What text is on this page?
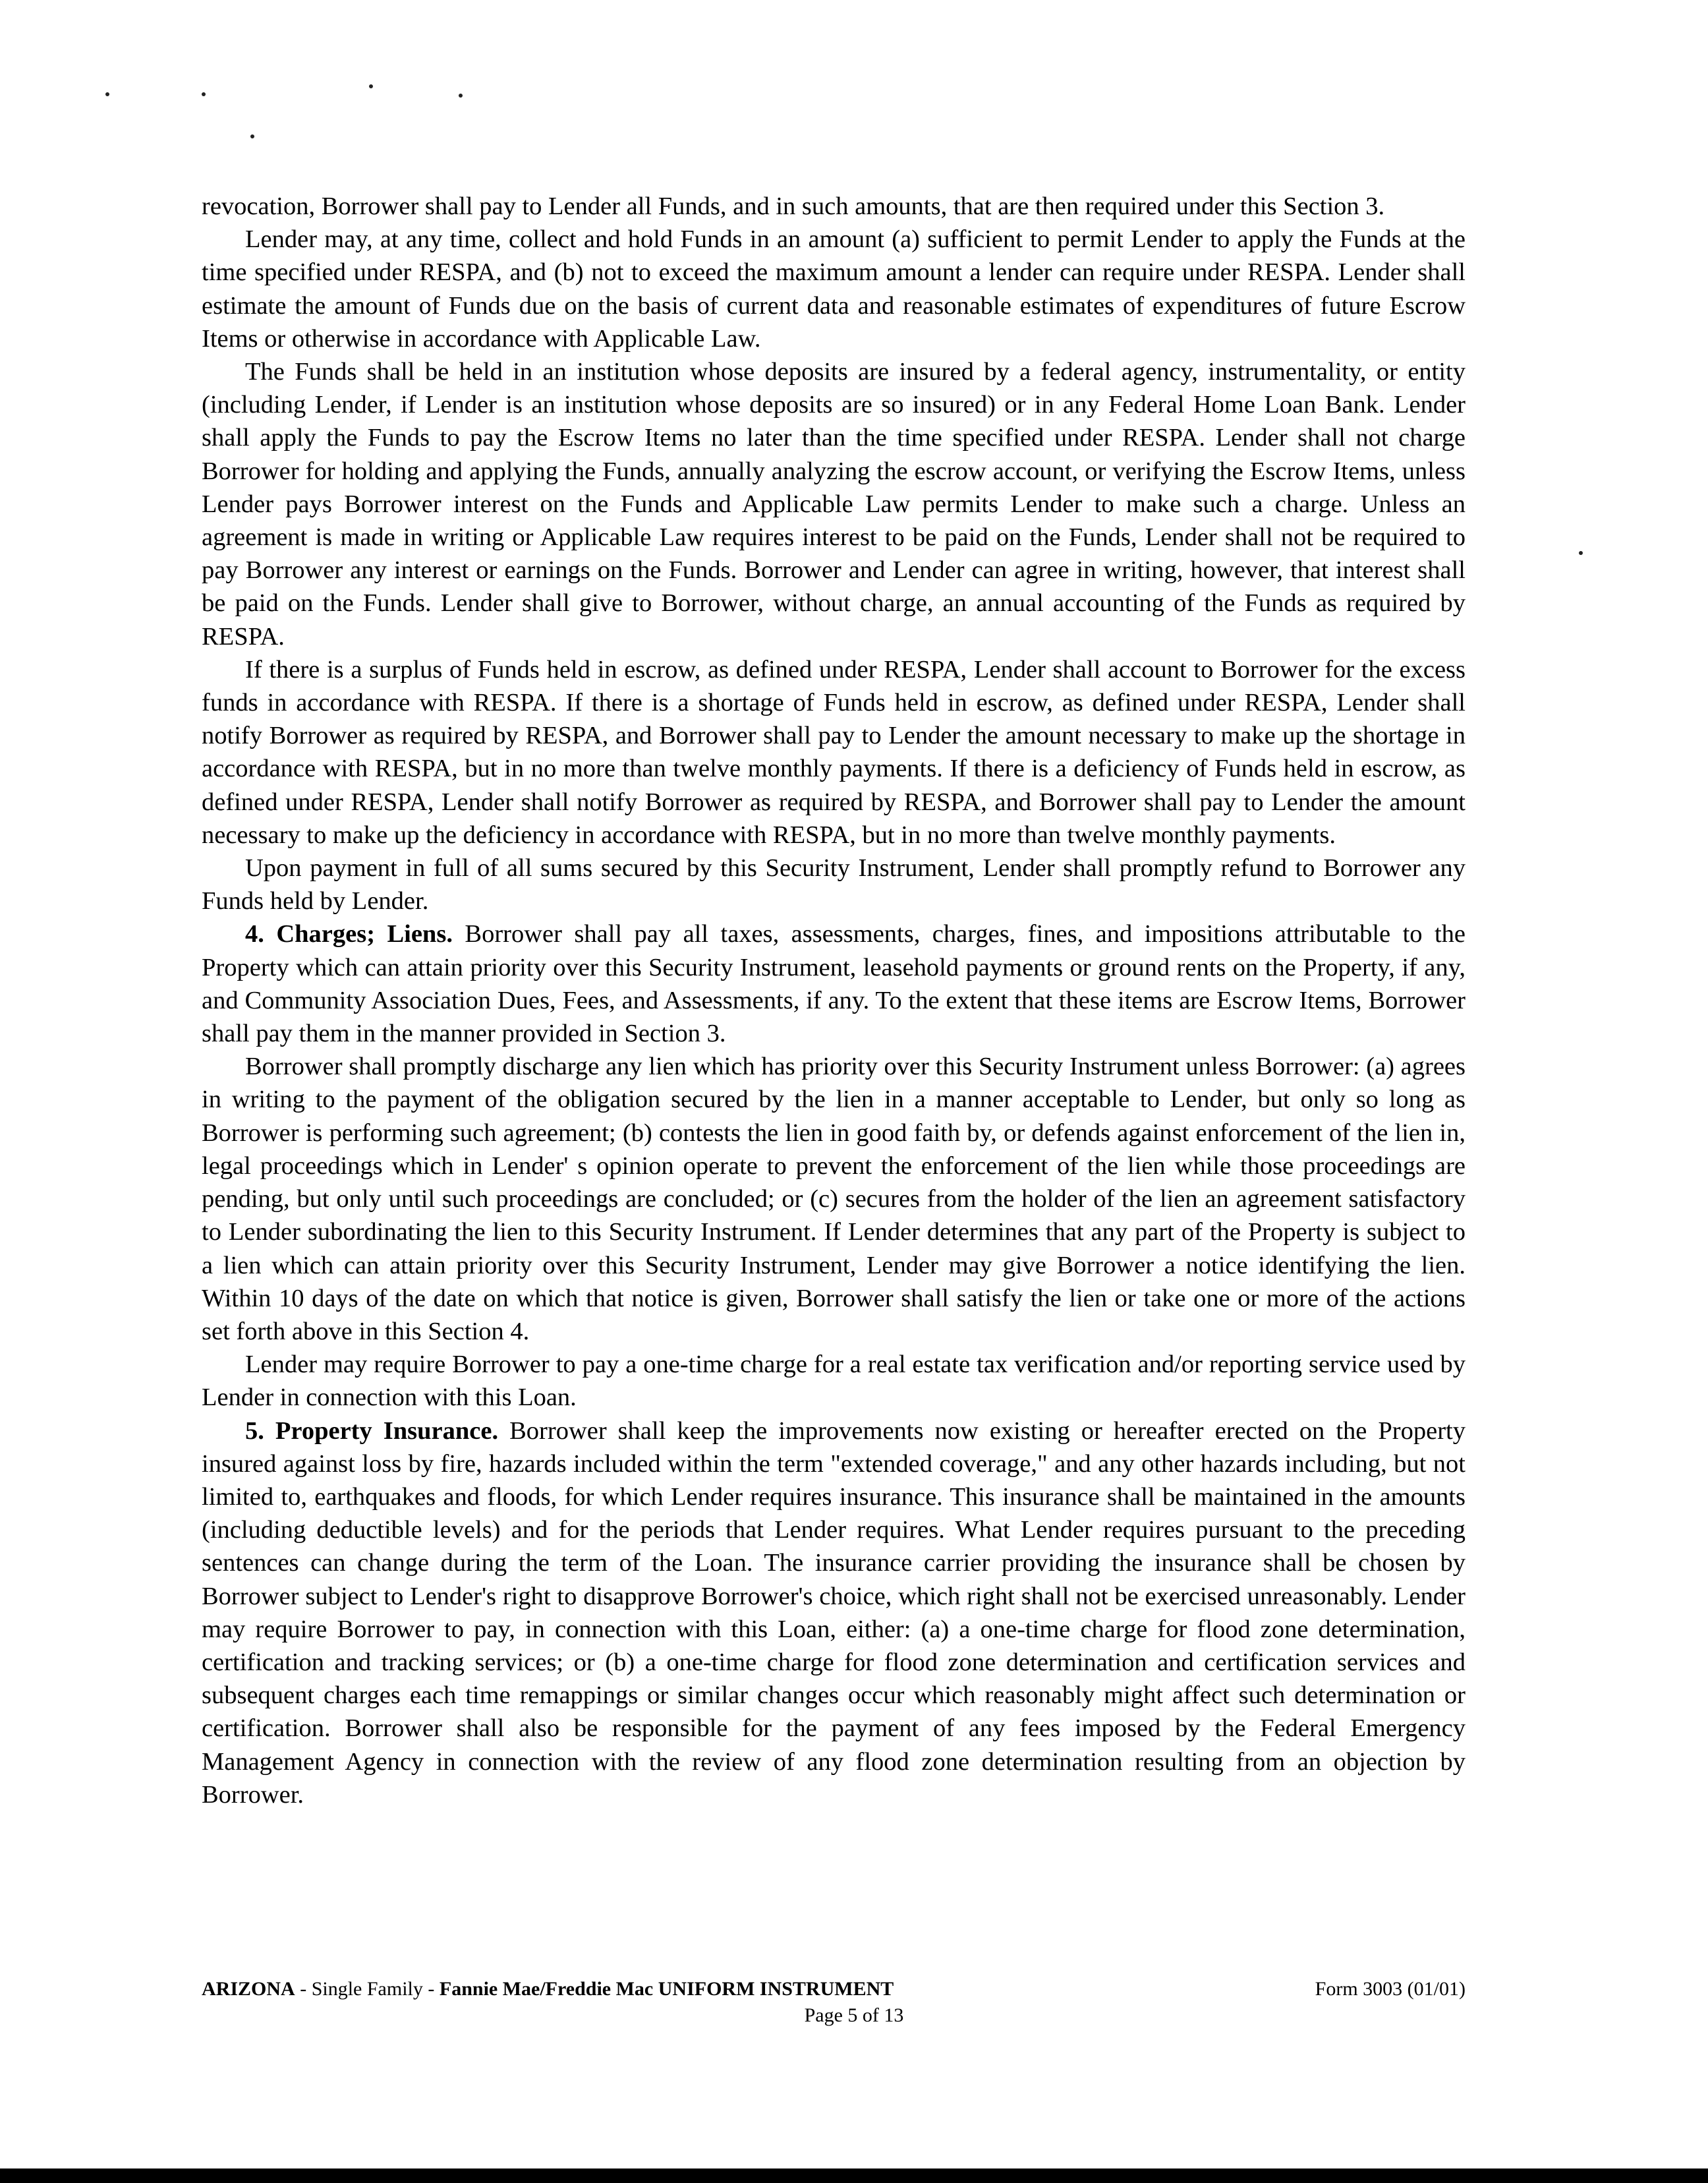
revocation, Borrower shall pay to Lender all Funds, and in such amounts, that are then required under this Section 3.

Lender may, at any time, collect and hold Funds in an amount (a) sufficient to permit Lender to apply the Funds at the time specified under RESPA, and (b) not to exceed the maximum amount a lender can require under RESPA. Lender shall estimate the amount of Funds due on the basis of current data and reasonable estimates of expenditures of future Escrow Items or otherwise in accordance with Applicable Law.

The Funds shall be held in an institution whose deposits are insured by a federal agency, instrumentality, or entity (including Lender, if Lender is an institution whose deposits are so insured) or in any Federal Home Loan Bank. Lender shall apply the Funds to pay the Escrow Items no later than the time specified under RESPA. Lender shall not charge Borrower for holding and applying the Funds, annually analyzing the escrow account, or verifying the Escrow Items, unless Lender pays Borrower interest on the Funds and Applicable Law permits Lender to make such a charge. Unless an agreement is made in writing or Applicable Law requires interest to be paid on the Funds, Lender shall not be required to pay Borrower any interest or earnings on the Funds. Borrower and Lender can agree in writing, however, that interest shall be paid on the Funds. Lender shall give to Borrower, without charge, an annual accounting of the Funds as required by RESPA.

If there is a surplus of Funds held in escrow, as defined under RESPA, Lender shall account to Borrower for the excess funds in accordance with RESPA. If there is a shortage of Funds held in escrow, as defined under RESPA, Lender shall notify Borrower as required by RESPA, and Borrower shall pay to Lender the amount necessary to make up the shortage in accordance with RESPA, but in no more than twelve monthly payments. If there is a deficiency of Funds held in escrow, as defined under RESPA, Lender shall notify Borrower as required by RESPA, and Borrower shall pay to Lender the amount necessary to make up the deficiency in accordance with RESPA, but in no more than twelve monthly payments.

Upon payment in full of all sums secured by this Security Instrument, Lender shall promptly refund to Borrower any Funds held by Lender.

4. Charges; Liens. Borrower shall pay all taxes, assessments, charges, fines, and impositions attributable to the Property which can attain priority over this Security Instrument, leasehold payments or ground rents on the Property, if any, and Community Association Dues, Fees, and Assessments, if any. To the extent that these items are Escrow Items, Borrower shall pay them in the manner provided in Section 3.

Borrower shall promptly discharge any lien which has priority over this Security Instrument unless Borrower: (a) agrees in writing to the payment of the obligation secured by the lien in a manner acceptable to Lender, but only so long as Borrower is performing such agreement; (b) contests the lien in good faith by, or defends against enforcement of the lien in, legal proceedings which in Lender' s opinion operate to prevent the enforcement of the lien while those proceedings are pending, but only until such proceedings are concluded; or (c) secures from the holder of the lien an agreement satisfactory to Lender subordinating the lien to this Security Instrument. If Lender determines that any part of the Property is subject to a lien which can attain priority over this Security Instrument, Lender may give Borrower a notice identifying the lien. Within 10 days of the date on which that notice is given, Borrower shall satisfy the lien or take one or more of the actions set forth above in this Section 4.

Lender may require Borrower to pay a one-time charge for a real estate tax verification and/or reporting service used by Lender in connection with this Loan.

5. Property Insurance. Borrower shall keep the improvements now existing or hereafter erected on the Property insured against loss by fire, hazards included within the term "extended coverage," and any other hazards including, but not limited to, earthquakes and floods, for which Lender requires insurance. This insurance shall be maintained in the amounts (including deductible levels) and for the periods that Lender requires. What Lender requires pursuant to the preceding sentences can change during the term of the Loan. The insurance carrier providing the insurance shall be chosen by Borrower subject to Lender's right to disapprove Borrower's choice, which right shall not be exercised unreasonably. Lender may require Borrower to pay, in connection with this Loan, either: (a) a one-time charge for flood zone determination, certification and tracking services; or (b) a one-time charge for flood zone determination and certification services and subsequent charges each time remappings or similar changes occur which reasonably might affect such determination or certification. Borrower shall also be responsible for the payment of any fees imposed by the Federal Emergency Management Agency in connection with the review of any flood zone determination resulting from an objection by Borrower.

ARIZONA - Single Family - Fannie Mae/Freddie Mac UNIFORM INSTRUMENT	Form 3003 (01/01)
Page 5 of 13
